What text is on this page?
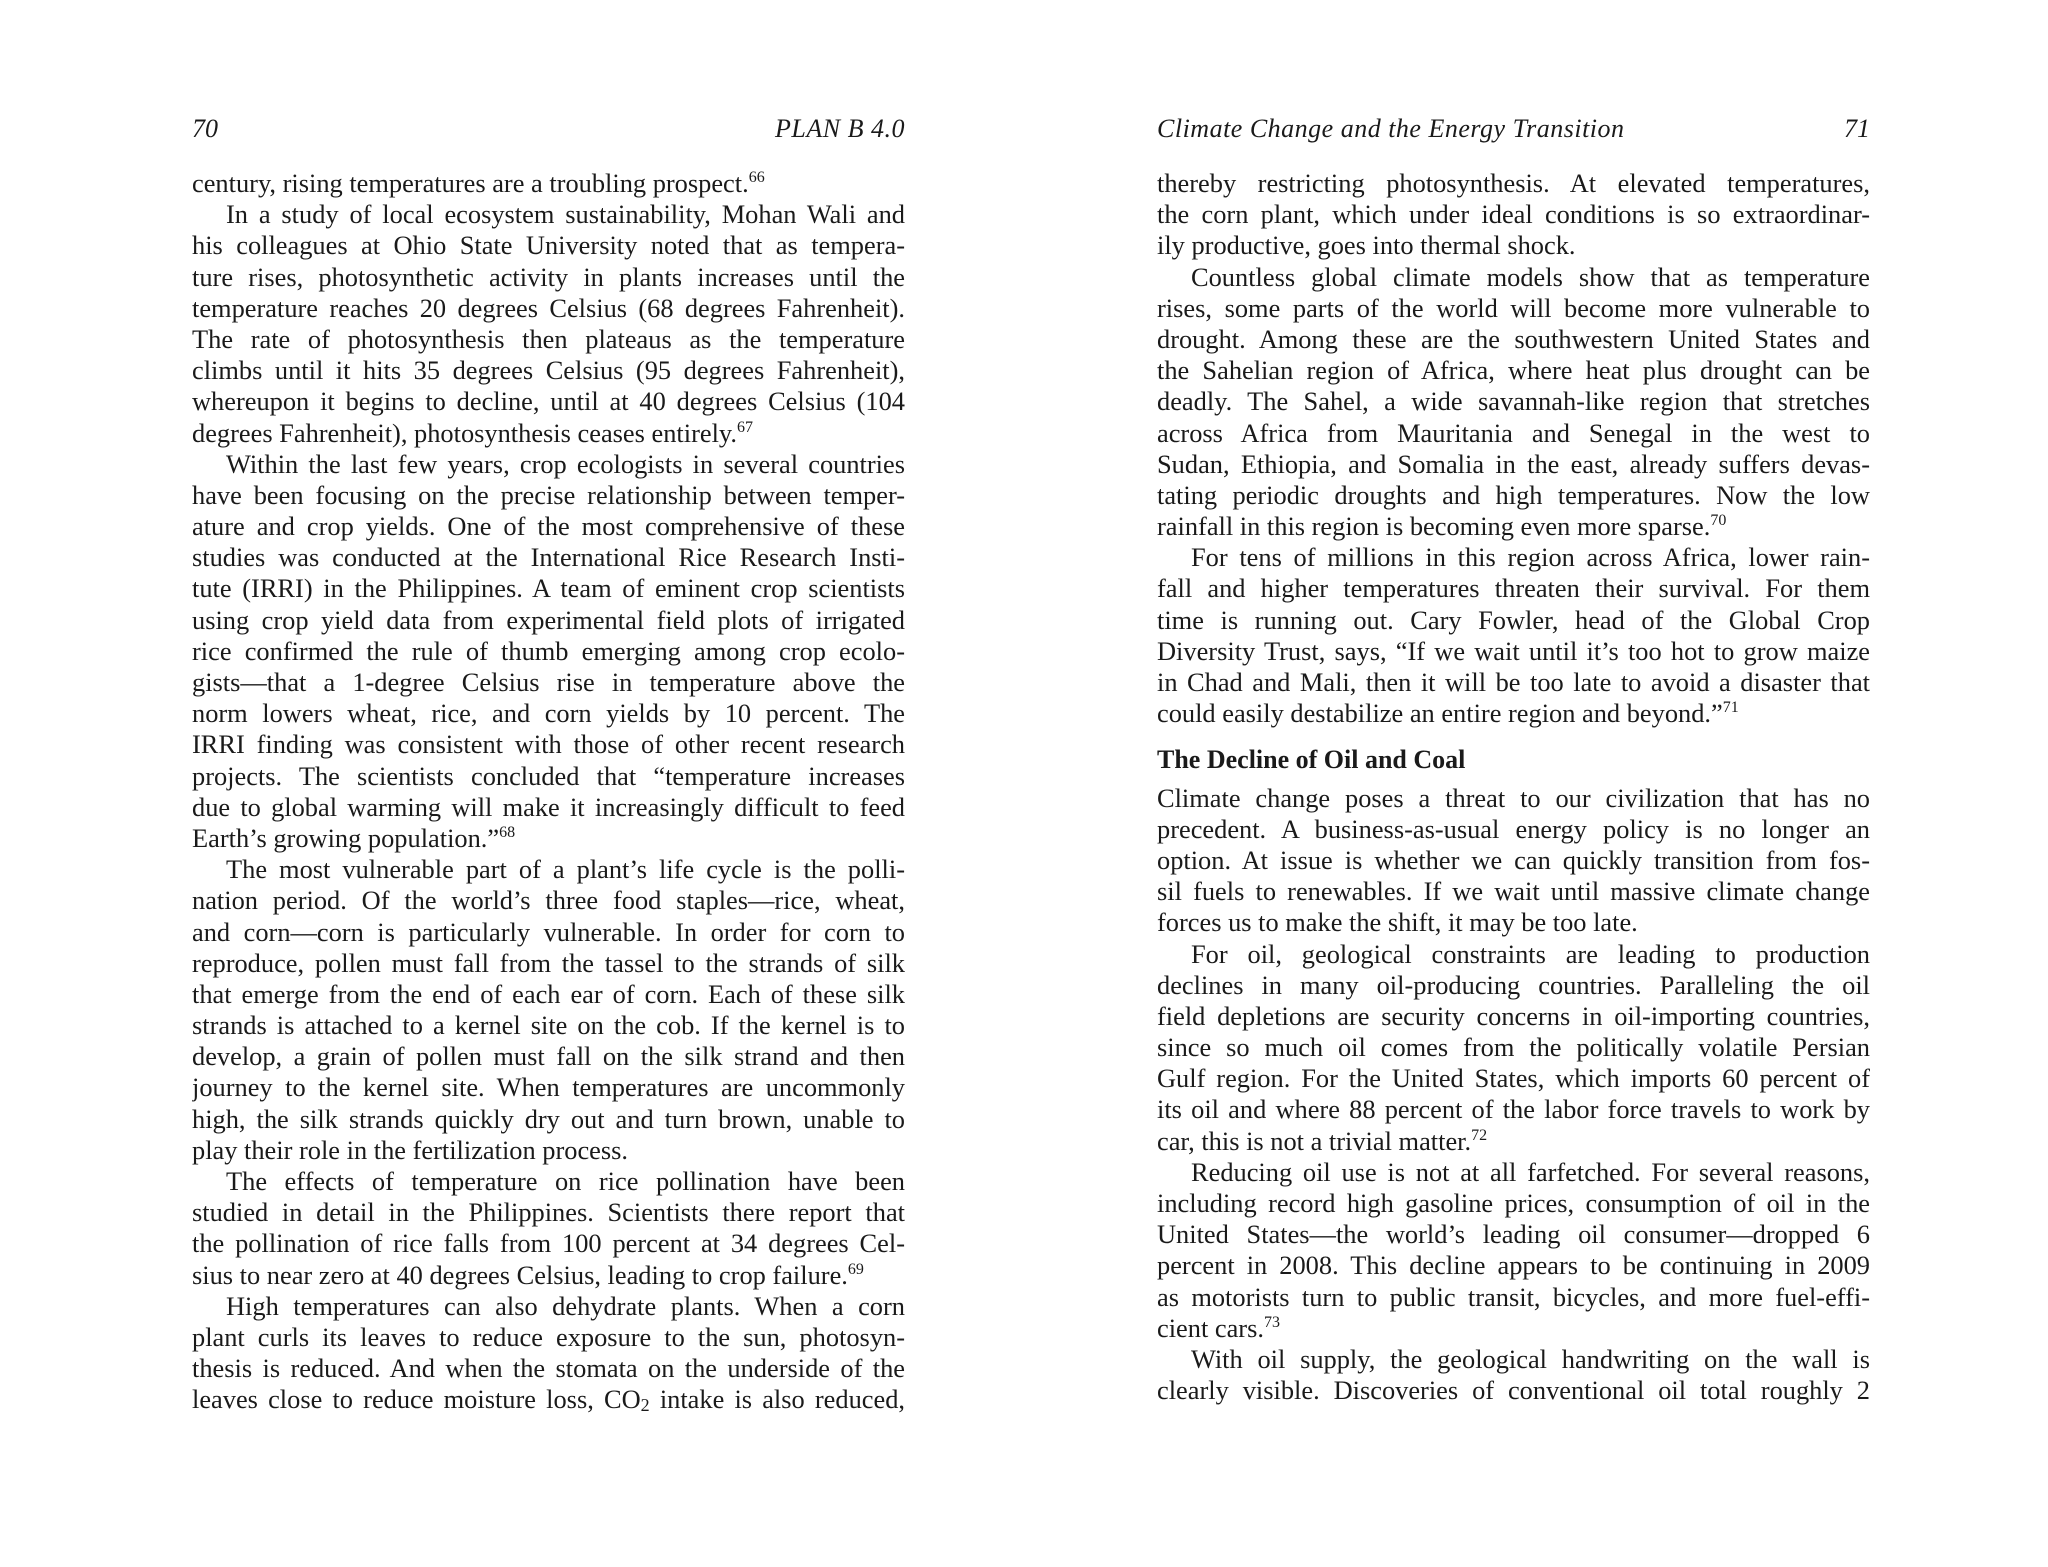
70	PLAN B 4.0
century, rising temperatures are a troubling prospect.$^{66}$
In a study of local ecosystem sustainability, Mohan Wali and
his colleagues at Ohio State University noted that as tempera-
ture rises, photosynthetic activity in plants increases until the
temperature reaches 20 degrees Celsius (68 degrees Fahrenheit).
The rate of photosynthesis then plateaus as the temperature
climbs until it hits 35 degrees Celsius (95 degrees Fahrenheit),
whereupon it begins to decline, until at 40 degrees Celsius (104
degrees Fahrenheit), photosynthesis ceases entirely.$^{67}$
Within the last few years, crop ecologists in several countries
have been focusing on the precise relationship between temper-
ature and crop yields. One of the most comprehensive of these
studies was conducted at the International Rice Research Insti-
tute (IRRI) in the Philippines. A team of eminent crop scientists
using crop yield data from experimental field plots of irrigated
rice confirmed the rule of thumb emerging among crop ecolo-
gists—that a 1-degree Celsius rise in temperature above the
norm lowers wheat, rice, and corn yields by 10 percent. The
IRRI finding was consistent with those of other recent research
projects. The scientists concluded that “temperature increases
due to global warming will make it increasingly difficult to feed
Earth’s growing population.”$^{68}$
The most vulnerable part of a plant’s life cycle is the polli-
nation period. Of the world’s three food staples—rice, wheat,
and corn—corn is particularly vulnerable. In order for corn to
reproduce, pollen must fall from the tassel to the strands of silk
that emerge from the end of each ear of corn. Each of these silk
strands is attached to a kernel site on the cob. If the kernel is to
develop, a grain of pollen must fall on the silk strand and then
journey to the kernel site. When temperatures are uncommonly
high, the silk strands quickly dry out and turn brown, unable to
play their role in the fertilization process.
The effects of temperature on rice pollination have been
studied in detail in the Philippines. Scientists there report that
the pollination of rice falls from 100 percent at 34 degrees Cel-
sius to near zero at 40 degrees Celsius, leading to crop failure.$^{69}$
High temperatures can also dehydrate plants. When a corn
plant curls its leaves to reduce exposure to the sun, photosyn-
thesis is reduced. And when the stomata on the underside of the
leaves close to reduce moisture loss, $CO_2$ intake is also reduced,
Climate Change and the Energy Transition	71
thereby restricting photosynthesis. At elevated temperatures,
the corn plant, which under ideal conditions is so extraordinar-
ily productive, goes into thermal shock.
Countless global climate models show that as temperature
rises, some parts of the world will become more vulnerable to
drought. Among these are the southwestern United States and
the Sahelian region of Africa, where heat plus drought can be
deadly. The Sahel, a wide savannah-like region that stretches
across Africa from Mauritania and Senegal in the west to
Sudan, Ethiopia, and Somalia in the east, already suffers devas-
tating periodic droughts and high temperatures. Now the low
rainfall in this region is becoming even more sparse.$^{70}$
For tens of millions in this region across Africa, lower rain-
fall and higher temperatures threaten their survival. For them
time is running out. Cary Fowler, head of the Global Crop
Diversity Trust, says, “If we wait until it’s too hot to grow maize
in Chad and Mali, then it will be too late to avoid a disaster that
could easily destabilize an entire region and beyond.”$^{71}$
The Decline of Oil and Coal
Climate change poses a threat to our civilization that has no
precedent. A business-as-usual energy policy is no longer an
option. At issue is whether we can quickly transition from fos-
sil fuels to renewables. If we wait until massive climate change
forces us to make the shift, it may be too late.
For oil, geological constraints are leading to production
declines in many oil-producing countries. Paralleling the oil
field depletions are security concerns in oil-importing countries,
since so much oil comes from the politically volatile Persian
Gulf region. For the United States, which imports 60 percent of
its oil and where 88 percent of the labor force travels to work by
car, this is not a trivial matter.$^{72}$
Reducing oil use is not at all farfetched. For several reasons,
including record high gasoline prices, consumption of oil in the
United States—the world’s leading oil consumer—dropped 6
percent in 2008. This decline appears to be continuing in 2009
as motorists turn to public transit, bicycles, and more fuel-effi-
cient cars.$^{73}$
With oil supply, the geological handwriting on the wall is
clearly visible. Discoveries of conventional oil total roughly 2
